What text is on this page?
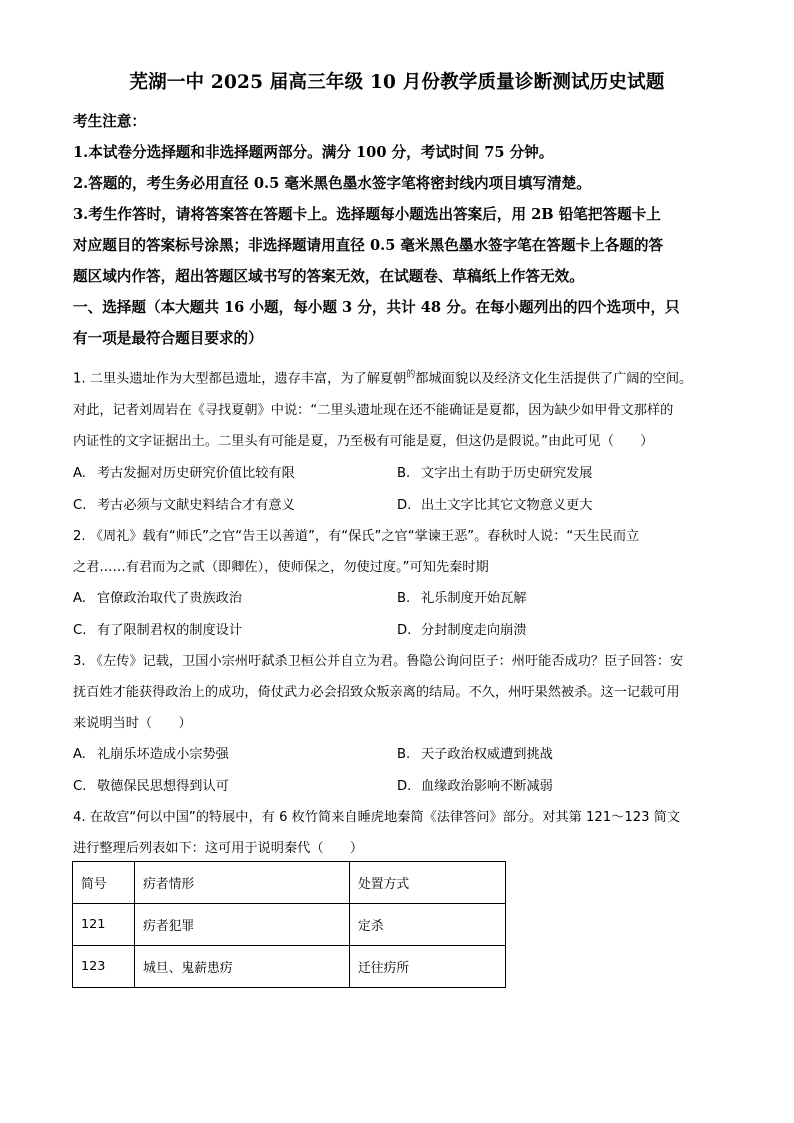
芜湖一中 2025 届高三年级 10 月份教学质量诊断测试历史试题
考生注意：
1.本试卷分选择题和非选择题两部分。满分 100 分，考试时间 75 分钟。
2.答题的，考生务必用直径 0.5 毫米黑色墨水签字笔将密封线内项目填写清楚。
3.考生作答时，请将答案答在答题卡上。选择题每小题选出答案后，用 2B 铅笔把答题卡上
对应题目的答案标号涂黑；非选择题请用直径 0.5 毫米黑色墨水签字笔在答题卡上各题的答
题区域内作答，超出答题区域书写的答案无效，在试题卷、草稿纸上作答无效。
一、选择题（本大题共 16 小题，每小题 3 分，共计 48 分。在每小题列出的四个选项中，只
有一项是最符合题目要求的）
1. 二里头遗址作为大型都邑遗址，遗存丰富，为了解夏朝$^的$都城面貌以及经济文化生活提供了广阔的空间。
对此，记者刘周岩在《寻找夏朝》中说：“二里头遗址现在还不能确证是夏都，因为缺少如甲骨文那样的
内证性的文字证据出土。二里头有可能是夏，乃至极有可能是夏，但这仍是假说。”由此可见（　　）
A. 考古发掘对历史研究价值比较有限	B. 文字出土有助于历史研究发展
C. 考古必须与文献史料结合才有意义	D. 出土文字比其它文物意义更大
2. 《周礼》载有“师氏”之官“告王以善道”，有“保氏”之官“掌谏王恶”。春秋时人说：“天生民而立
之君……有君而为之贰（即卿佐），使师保之，勿使过度。”可知先秦时期
A. 官僚政治取代了贵族政治	B. 礼乐制度开始瓦解
C. 有了限制君权的制度设计	D. 分封制度走向崩溃
3. 《左传》记载，卫国小宗州吁弑杀卫桓公并自立为君。鲁隐公询问臣子：州吁能否成功？臣子回答：安
抚百姓才能获得政治上的成功，倚仗武力必会招致众叛亲离的结局。不久，州吁果然被杀。这一记载可用
来说明当时（　　）
A. 礼崩乐坏造成小宗势强	B. 天子政治权威遭到挑战
C. 敬德保民思想得到认可	D. 血缘政治影响不断减弱
4. 在故宫“何以中国”的特展中，有 6 枚竹简来自睡虎地秦简《法律答问》部分。对其第 121～123 简文
进行整理后列表如下：这可用于说明秦代（　　）
简号	疠者情形	处置方式
121	疠者犯罪	定杀
123	城旦、鬼薪患疠	迁往疠所
